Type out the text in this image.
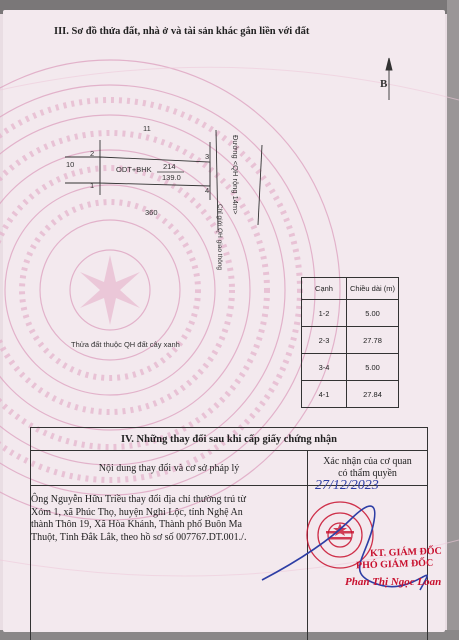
III. Sơ đồ thửa đất, nhà ở và tài sản khác gắn liền với đất
B
11
10
360
1
2	3
4
ODT+BHK 214
139.0	Đường <QH rộng 14m>
Chỉ giới QH giao thông
Thửa đất thuộc QH đất cây xanh
Cạnh	Chiều dài (m)
1-2	5.00
2-3	27.78
3-4	5.00
4-1	27.84
IV. Những thay đổi sau khi cấp giấy chứng nhận	
Nội dung thay đổi và cơ sở pháp lý	Xác nhận của cơ quan có thẩm quyền

Ông Nguyễn Hữu Triều thay đổi địa chỉ thường trú từ
Xóm 1, xã Phúc Thọ, huyện Nghi Lộc, tỉnh Nghệ An
thành Thôn 19, Xã Hòa Khánh, Thành phố Buôn Ma
Thuột, Tỉnh Đắk Lắk, theo hồ sơ số 007767.DT.001./.
27/12/2023
KT. GIÁM ĐỐC
PHÓ GIÁM ĐỐC
Phan Thị Ngọc Loan
